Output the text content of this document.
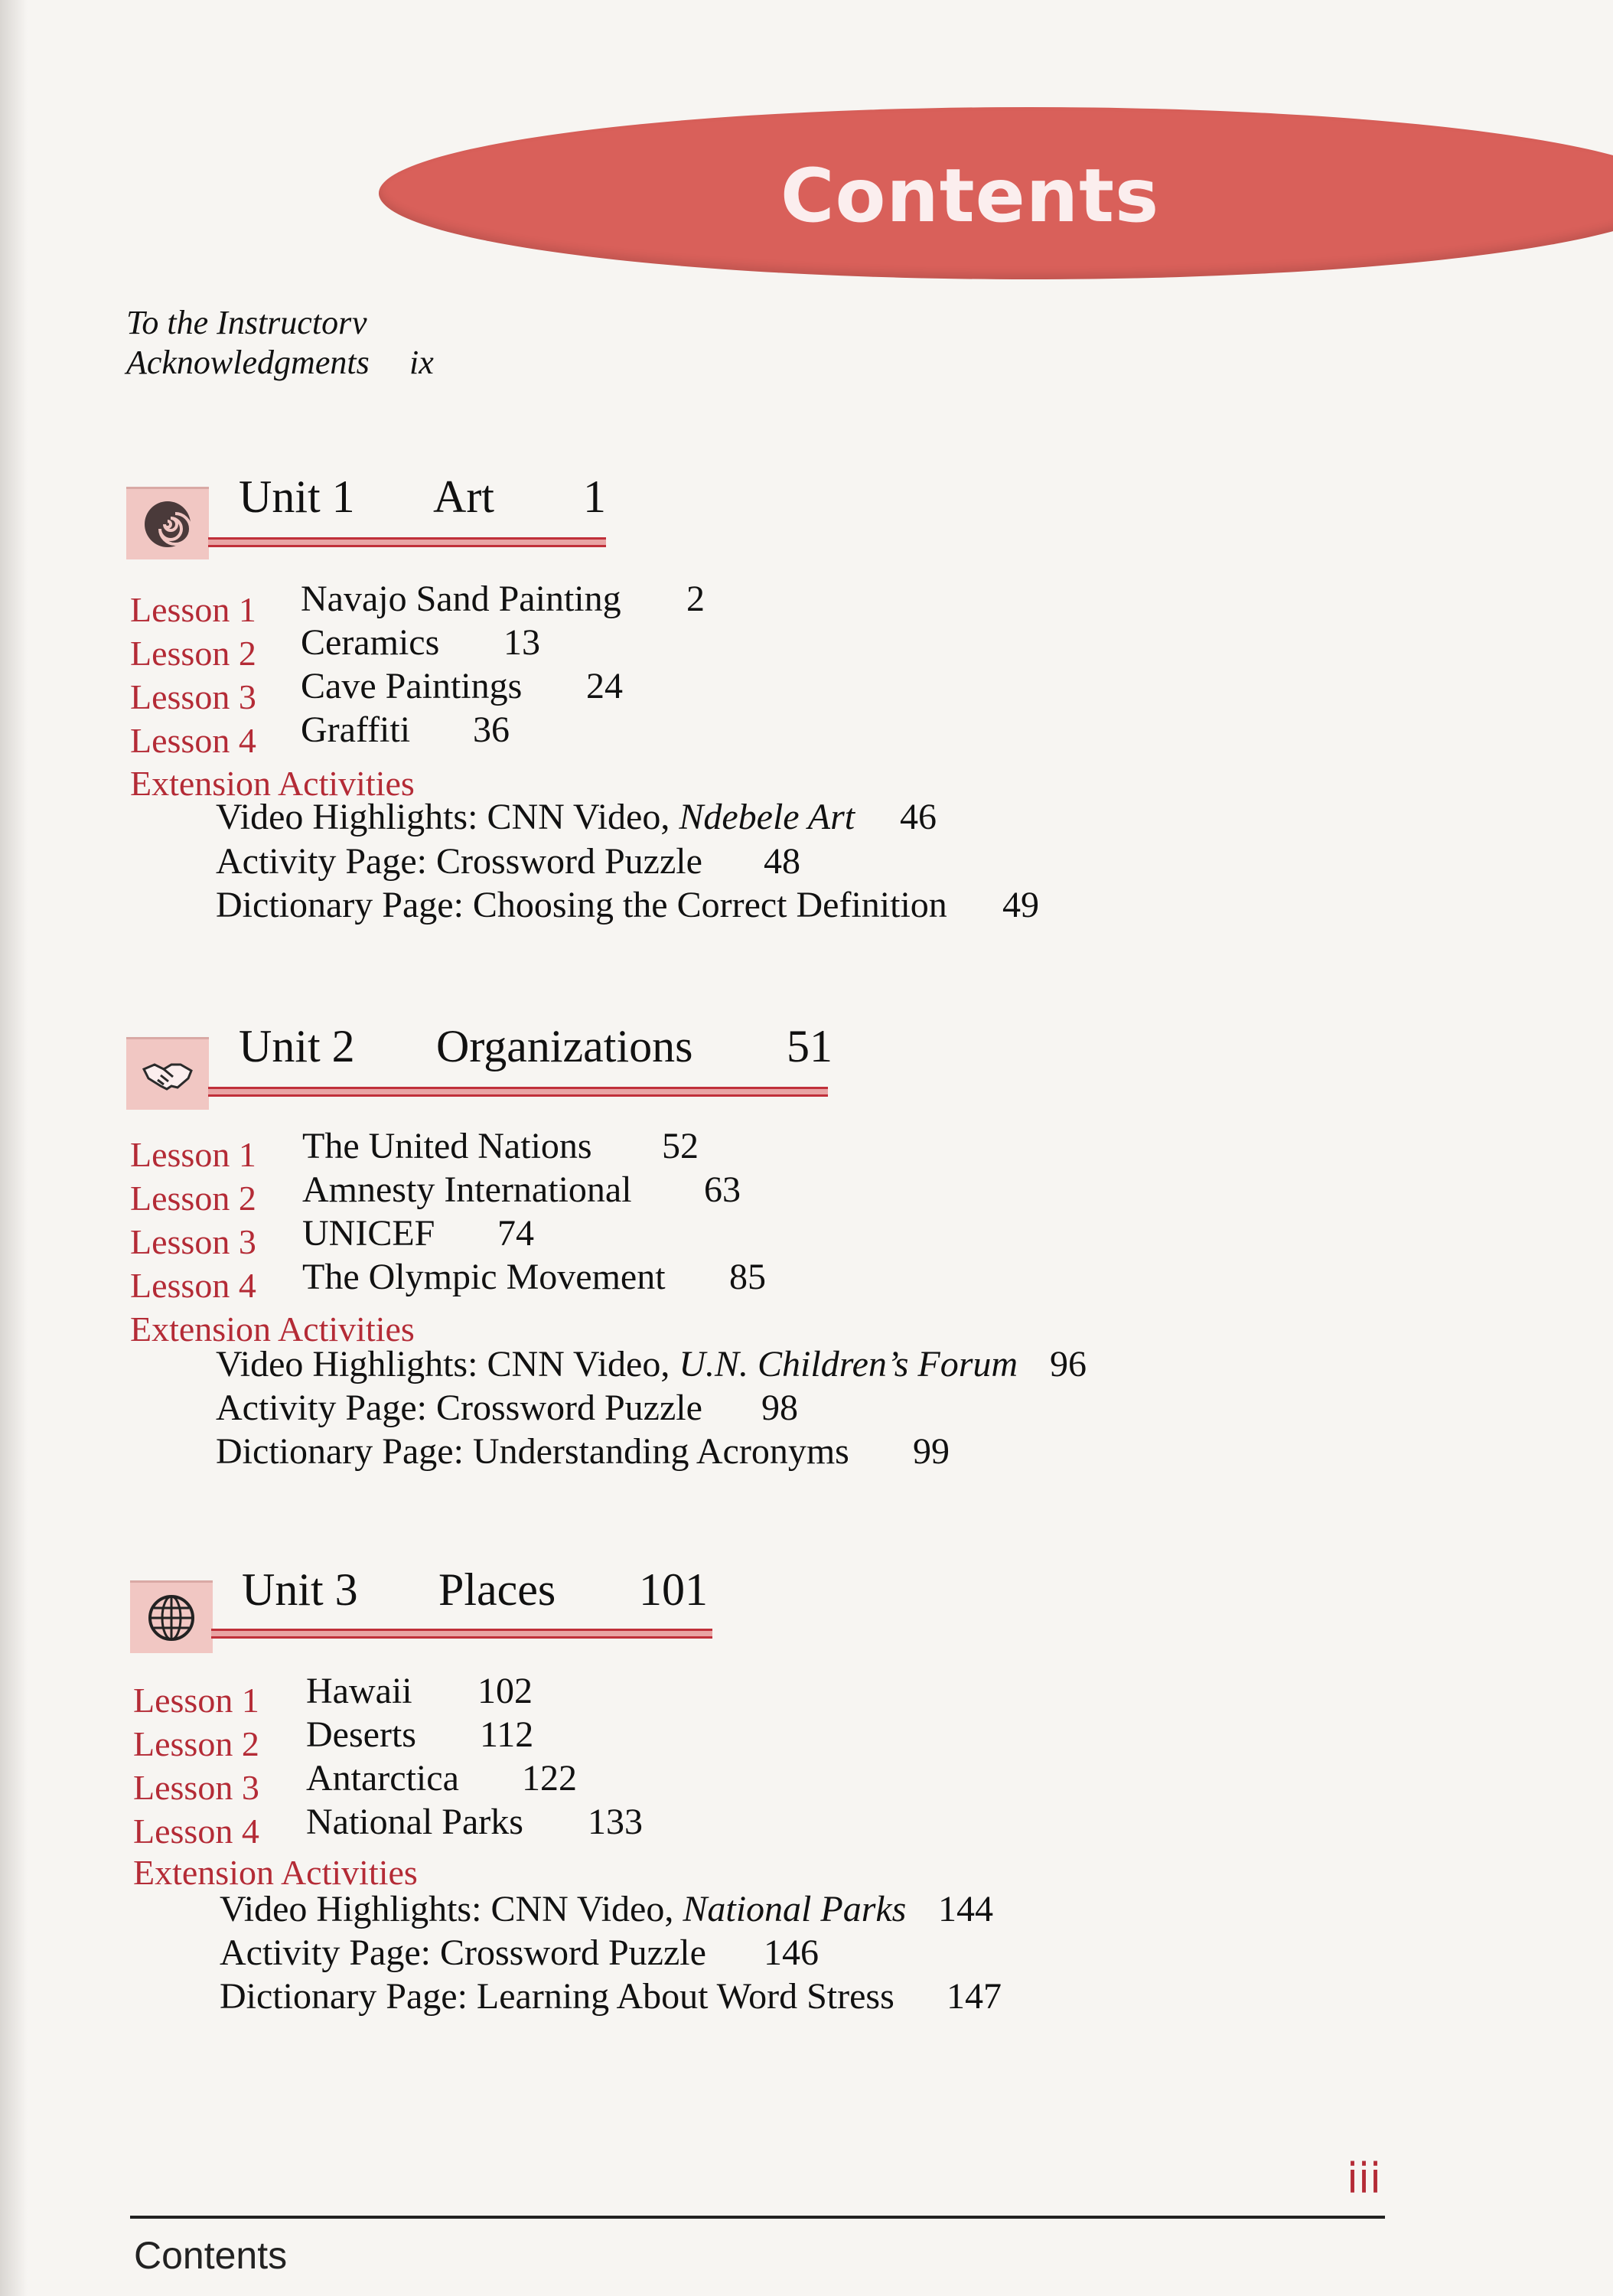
Contents
To the Instructor v
Acknowledgments ix
Unit 1 Art 1
Lesson 1 Navajo Sand Painting 2
Lesson 2 Ceramics 13
Lesson 3 Cave Paintings 24
Lesson 4 Graffiti 36
Extension Activities
Video Highlights: CNN Video, Ndebele Art 46
Activity Page: Crossword Puzzle 48
Dictionary Page: Choosing the Correct Definition 49
Unit 2 Organizations 51
Lesson 1 The United Nations 52
Lesson 2 Amnesty International 63
Lesson 3 UNICEF 74
Lesson 4 The Olympic Movement 85
Extension Activities
Video Highlights: CNN Video, U.N. Children’s Forum 96
Activity Page: Crossword Puzzle 98
Dictionary Page: Understanding Acronyms 99
Unit 3 Places 101
Lesson 1 Hawaii 102
Lesson 2 Deserts 112
Lesson 3 Antarctica 122
Lesson 4 National Parks 133
Extension Activities
Video Highlights: CNN Video, National Parks 144
Activity Page: Crossword Puzzle 146
Dictionary Page: Learning About Word Stress 147
iii
Contents
